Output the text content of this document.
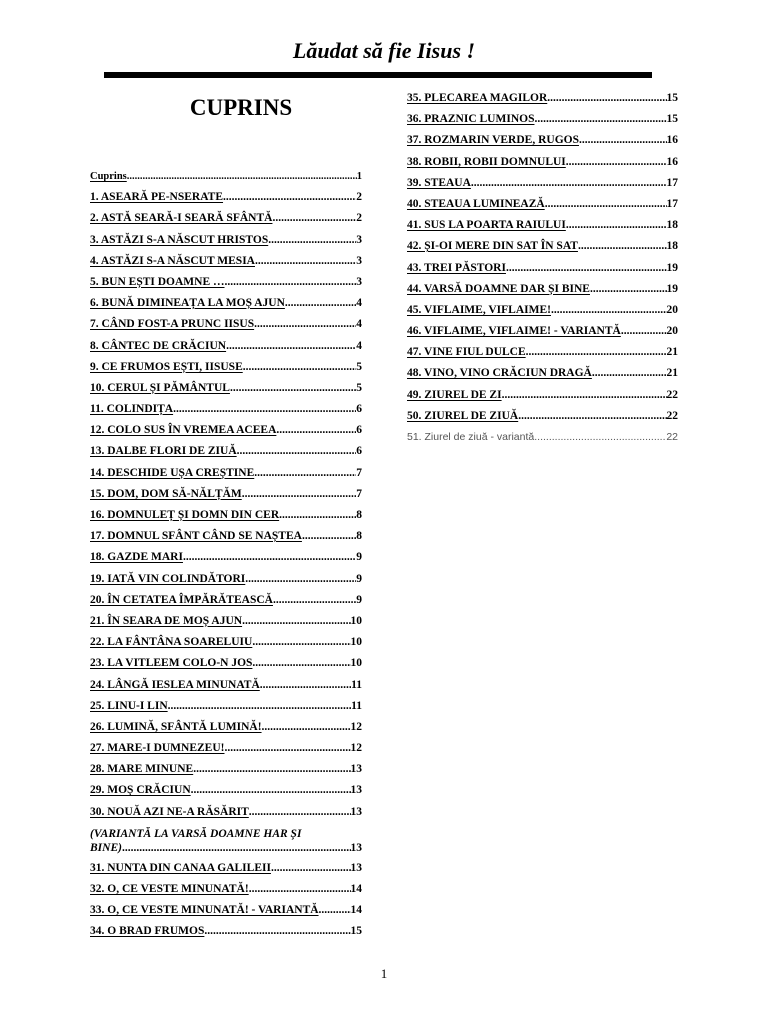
Lăudat să fie Iisus !
CUPRINS
Cuprins .....	1
1. ASEARĂ PE-NSERATE .....	2
2. ASTĂ SEARĂ-I SEARĂ SFÂNTĂ .....	2
3. ASTĂZI S-A NĂSCUT HRISTOS .....	3
4. ASTĂZI S-A NĂSCUT MESIA .....	3
5. BUN EȘTI DOAMNE … .....	3
6. BUNĂ DIMINEAȚA LA MOȘ AJUN .....	4
7. CÂND FOST-A PRUNC IISUS .....	4
8. CÂNTEC DE CRĂCIUN .....	4
9. CE FRUMOS EȘTI, IISUSE .....	5
10. CERUL ȘI PĂMÂNTUL .....	5
11. COLINDIȚA .....	6
12. COLO SUS ÎN VREMEA ACEEA .....	6
13. DALBE FLORI DE ZIUĂ .....	6
14. DESCHIDE UȘA CREȘTINE .....	7
15. DOM, DOM SĂ-NĂLȚĂM .....	7
16. DOMNULEȚ ȘI DOMN DIN CER .....	8
17. DOMNUL SFÂNT CÂND SE NAȘTEA .....	8
18. GAZDE MARI .....	9
19. IATĂ VIN COLINDĂTORI .....	9
20. ÎN CETATEA ÎMPĂRĂTEASCĂ .....	9
21. ÎN SEARA DE MOȘ AJUN .....	10
22. LA FÂNTÂNA SOARELUIU .....	10
23. LA VITLEEM COLO-N JOS .....	10
24. LÂNGĂ IESLEA MINUNATĂ .....	11
25. LINU-I LIN .....	11
26. LUMINĂ, SFÂNTĂ LUMINĂ! .....	12
27. MARE-I DUMNEZEU! .....	12
28. MARE MINUNE .....	13
29. MOȘ CRĂCIUN .....	13
30. NOUĂ AZI NE-A RĂSĂRIT .....	13
(VARIANTĂ LA VARSĂ DOAMNE HAR ȘI
BINE) .....	13
31. NUNTA DIN CANAA GALILEII .....	13
32. O, CE VESTE MINUNATĂ! .....	14
33. O, CE VESTE MINUNATĂ! - VARIANTĂ .....	14
34. O BRAD FRUMOS .....	15
35. PLECAREA MAGILOR .....	15
36. PRAZNIC LUMINOS .....	15
37. ROZMARIN VERDE, RUGOS .....	16
38. ROBII, ROBII DOMNULUI .....	16
39. STEAUA .....	17
40. STEAUA LUMINEAZĂ .....	17
41. SUS LA POARTA RAIULUI .....	18
42. ȘI-OI MERE DIN SAT ÎN SAT .....	18
43. TREI PĂSTORI .....	19
44. VARSĂ DOAMNE DAR ȘI BINE .....	19
45. VIFLAIME, VIFLAIME! .....	20
46. VIFLAIME, VIFLAIME! - VARIANTĂ .....	20
47. VINE FIUL DULCE .....	21
48. VINO, VINO CRĂCIUN DRAGĂ .....	21
49. ZIUREL DE ZI .....	22
50. ZIUREL DE ZIUĂ .....	22
51. Ziurel de ziuă - variantă .....	22
1
